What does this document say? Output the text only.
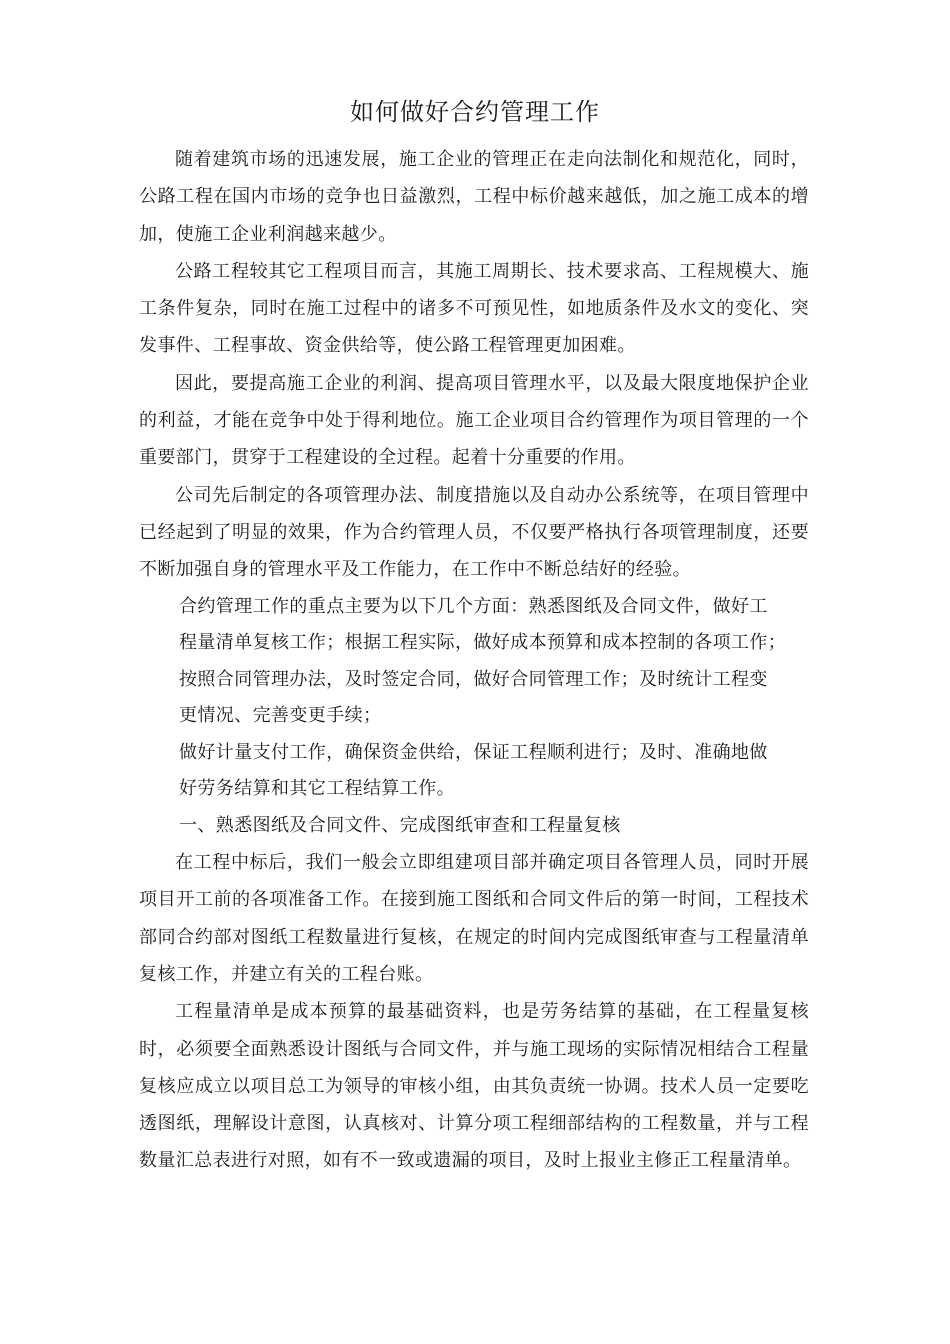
如何做好合约管理工作

随着建筑市场的迅速发展，施工企业的管理正在走向法制化和规范化，同时，公路工程在国内市场的竞争也日益激烈，工程中标价越来越低，加之施工成本的增加，使施工企业利润越来越少。

公路工程较其它工程项目而言，其施工周期长、技术要求高、工程规模大、施工条件复杂，同时在施工过程中的诸多不可预见性，如地质条件及水文的变化、突发事件、工程事故、资金供给等，使公路工程管理更加困难。

因此，要提高施工企业的利润、提高项目管理水平，以及最大限度地保护企业的利益，才能在竞争中处于得利地位。施工企业项目合约管理作为项目管理的一个重要部门，贯穿于工程建设的全过程。起着十分重要的作用。

公司先后制定的各项管理办法、制度措施以及自动办公系统等，在项目管理中已经起到了明显的效果，作为合约管理人员，不仅要严格执行各项管理制度，还要不断加强自身的管理水平及工作能力，在工作中不断总结好的经验。

合约管理工作的重点主要为以下几个方面：熟悉图纸及合同文件，做好工
程量清单复核工作；根据工程实际，做好成本预算和成本控制的各项工作；
按照合同管理办法，及时签定合同，做好合同管理工作；及时统计工程变
更情况、完善变更手续；
做好计量支付工作，确保资金供给，保证工程顺利进行；及时、准确地做
好劳务结算和其它工程结算工作。
一、熟悉图纸及合同文件、完成图纸审查和工程量复核

在工程中标后，我们一般会立即组建项目部并确定项目各管理人员，同时开展项目开工前的各项准备工作。在接到施工图纸和合同文件后的第一时间，工程技术部同合约部对图纸工程数量进行复核，在规定的时间内完成图纸审查与工程量清单复核工作，并建立有关的工程台账。

工程量清单是成本预算的最基础资料，也是劳务结算的基础，在工程量复核时，必须要全面熟悉设计图纸与合同文件，并与施工现场的实际情况相结合工程量复核应成立以项目总工为领导的审核小组，由其负责统一协调。技术人员一定要吃透图纸，理解设计意图，认真核对、计算分项工程细部结构的工程数量，并与工程数量汇总表进行对照，如有不一致或遗漏的项目，及时上报业主修正工程量清单。
